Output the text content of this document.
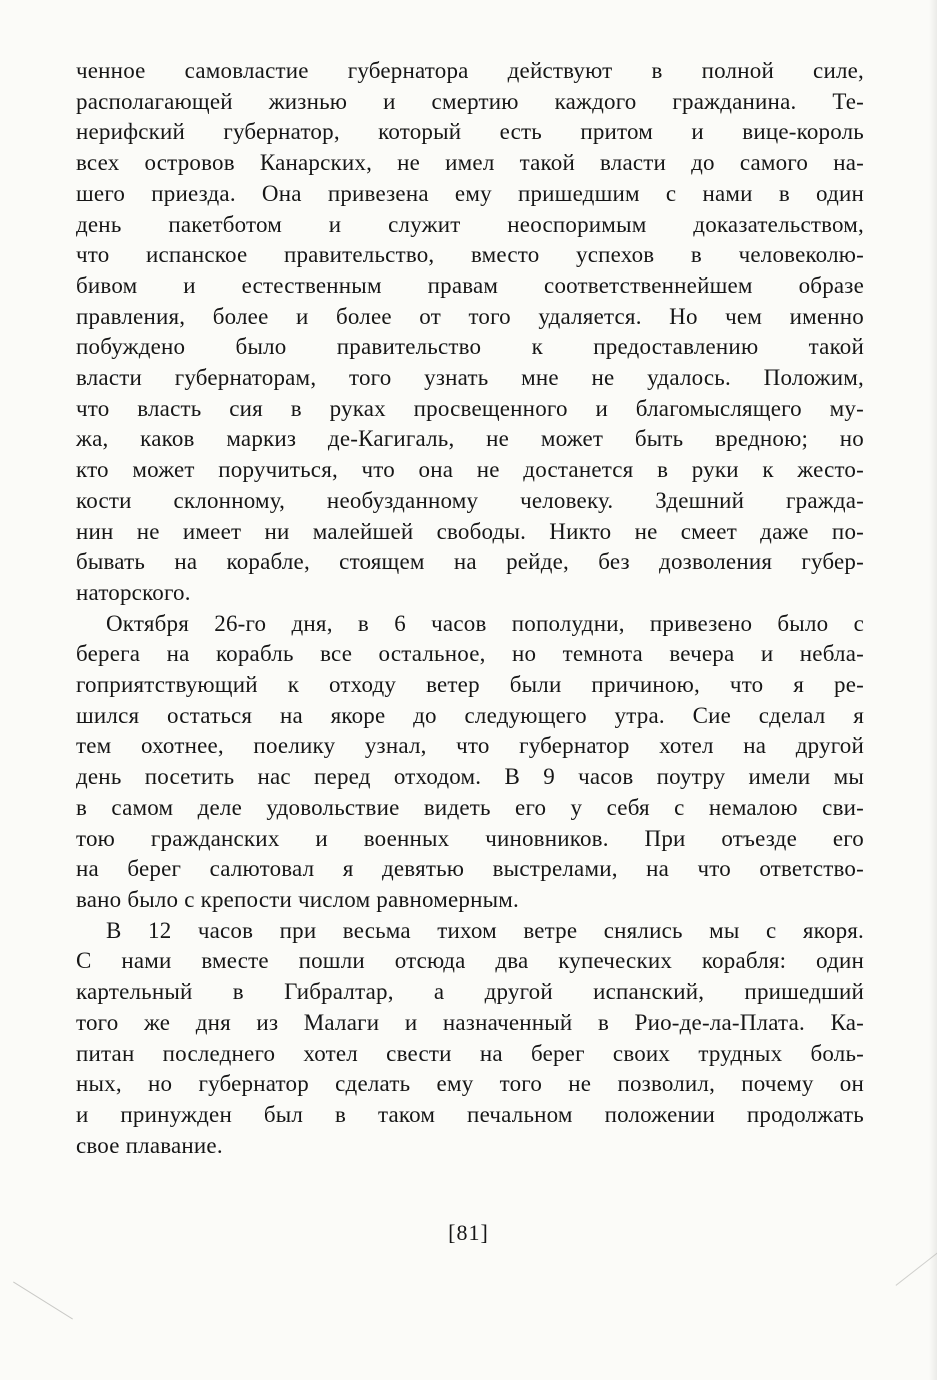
ченное самовластие губернатора действуют в полной силе,
располагающей жизнью и смертию каждого гражданина. Те-
нерифский губернатор, который есть притом и вице-король
всех островов Канарских, не имел такой власти до самого на-
шего приезда. Она привезена ему пришедшим с нами в один
день пакетботом и служит неоспоримым доказательством,
что испанское правительство, вместо успехов в человеколю-
бивом и естественным правам соответственнейшем образе
правления, более и более от того удаляется. Но чем именно
побуждено было правительство к предоставлению такой
власти губернаторам, того узнать мне не удалось. Положим,
что власть сия в руках просвещенного и благомыслящего му-
жа, каков маркиз де-Кагигаль, не может быть вредною; но
кто может поручиться, что она не достанется в руки к жесто-
кости склонному, необузданному человеку. Здешний гражда-
нин не имеет ни малейшей свободы. Никто не смеет даже по-
бывать на корабле, стоящем на рейде, без дозволения губер-
наторского.
Октября 26-го дня, в 6 часов пополудни, привезено было с
берега на корабль все остальное, но темнота вечера и небла-
гоприятствующий к отходу ветер были причиною, что я ре-
шился остаться на якоре до следующего утра. Сие сделал я
тем охотнее, поелику узнал, что губернатор хотел на другой
день посетить нас перед отходом. В 9 часов поутру имели мы
в самом деле удовольствие видеть его у себя с немалою сви-
тою гражданских и военных чиновников. При отъезде его
на берег салютовал я девятью выстрелами, на что ответство-
вано было с крепости числом равномерным.
В 12 часов при весьма тихом ветре снялись мы с якоря.
С нами вместе пошли отсюда два купеческих корабля: один
картельный в Гибралтар, а другой испанский, пришедший
того же дня из Малаги и назначенный в Рио-де-ла-Плата. Ка-
питан последнего хотел свести на берег своих трудных боль-
ных, но губернатор сделать ему того не позволил, почему он
и принужден был в таком печальном положении продолжать
свое плавание.
[81]
